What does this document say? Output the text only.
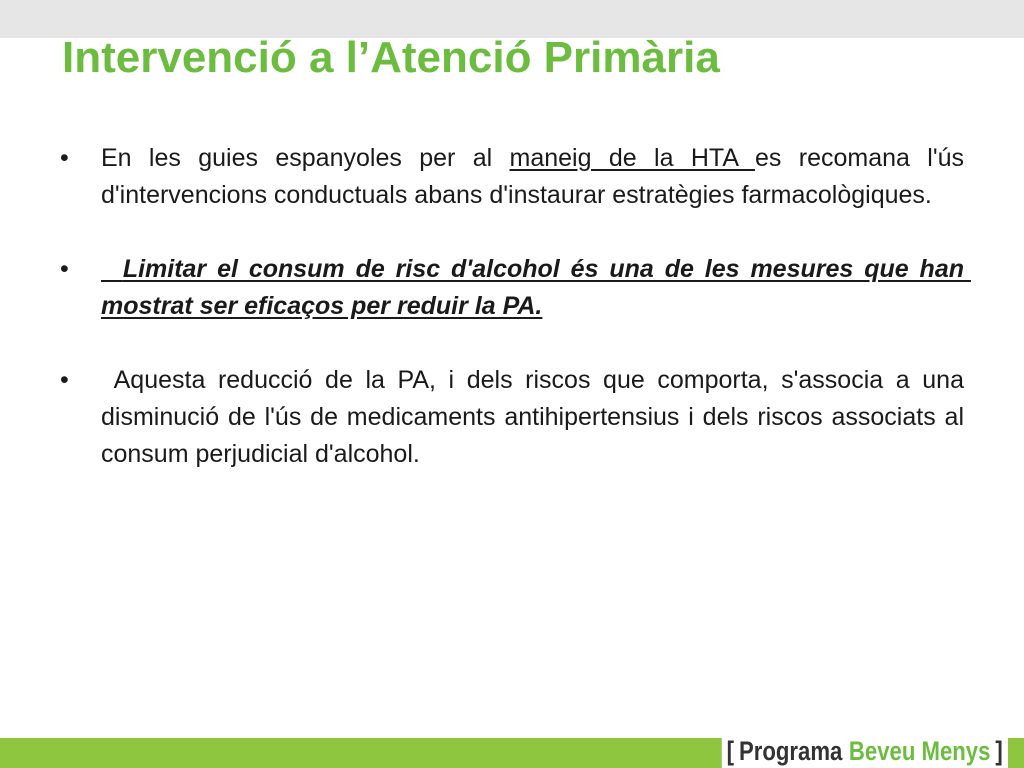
Intervenció a l’Atenció Primària
•	En les guies espanyoles per al maneig de la HTA es recomana l'ús d'intervencions conductuals abans d'instaurar estratègies farmacològiques.
•	Limitar el consum de risc d'alcohol és una de les mesures que han mostrat ser eficaços per reduir la PA.
•	Aquesta reducció de la PA, i dels riscos que comporta, s'associa a una disminució de l'ús de medicaments antihipertensius i dels riscos associats al consum perjudicial d'alcohol.
[ Programa Beveu Menys ]
